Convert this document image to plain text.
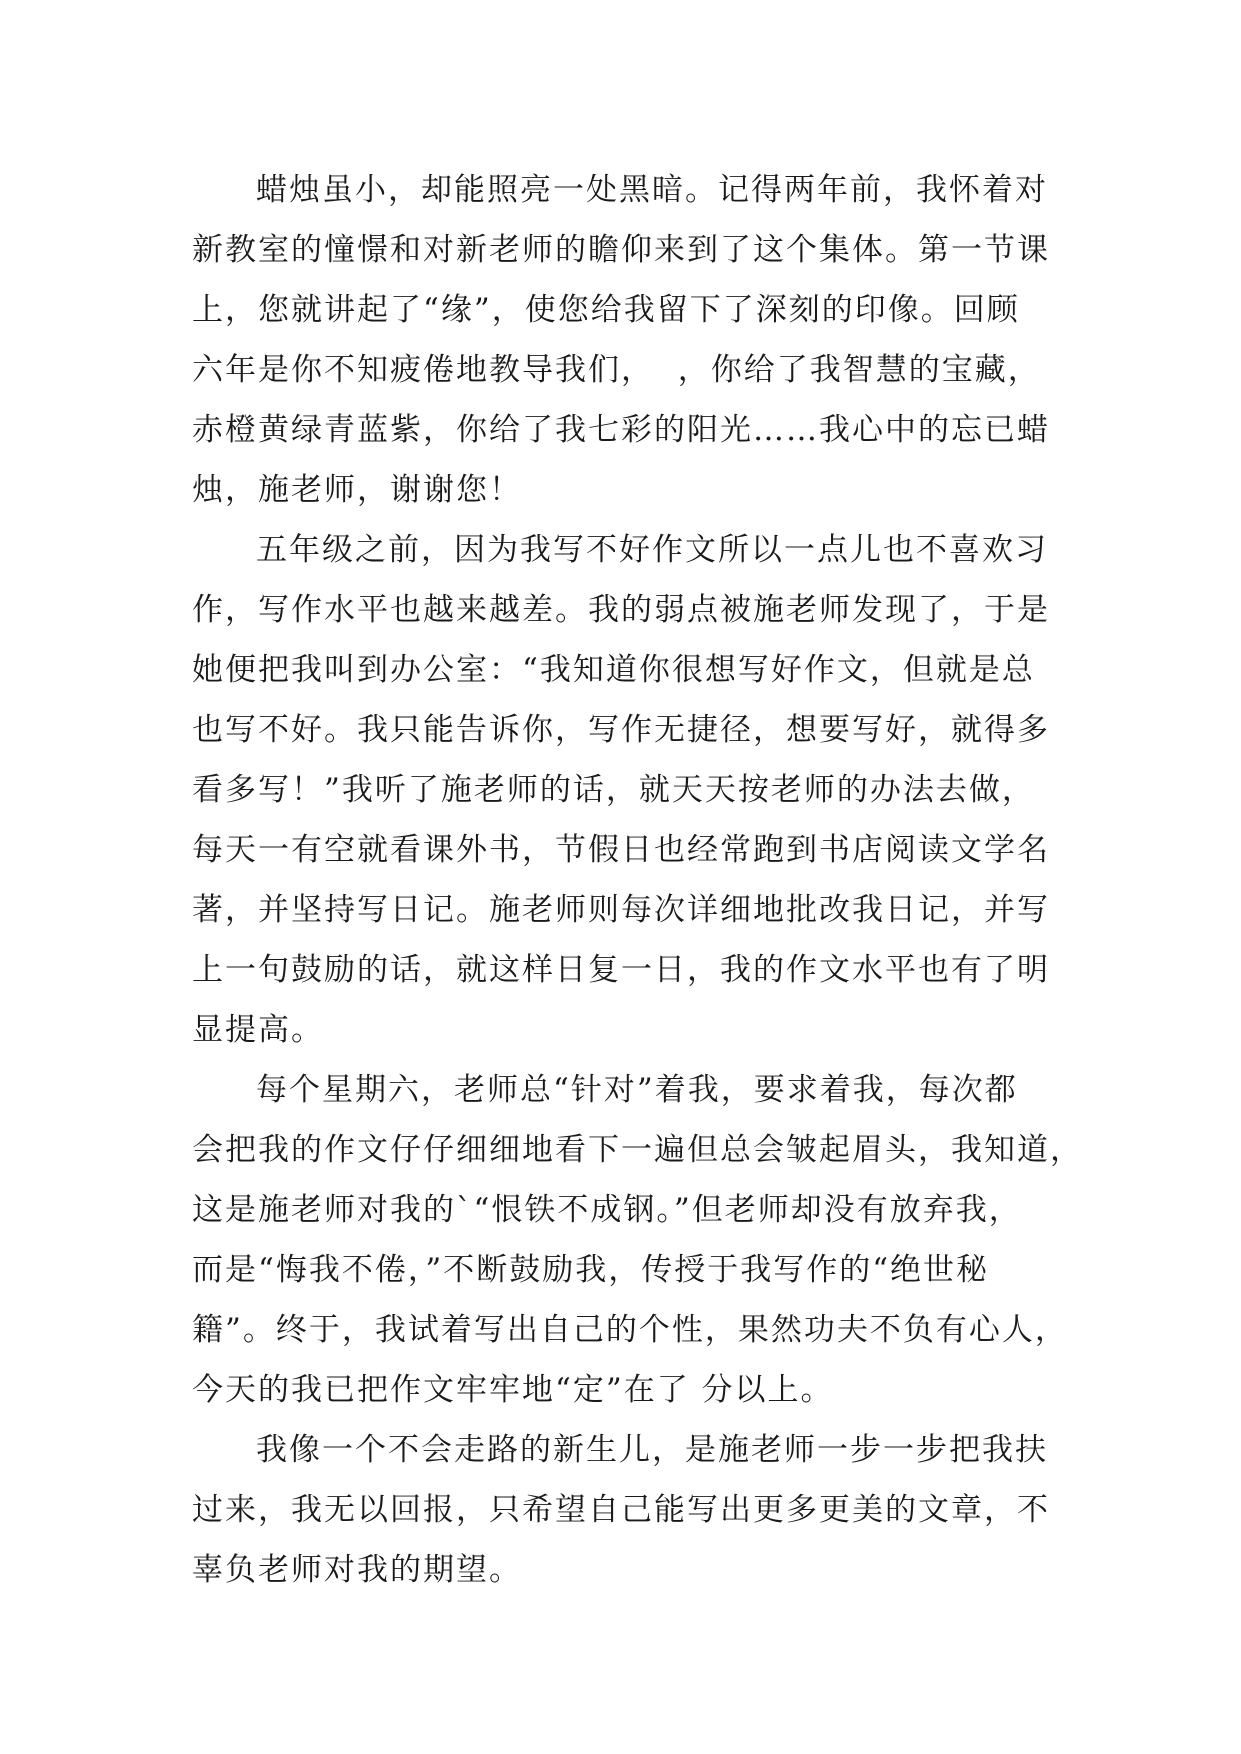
蜡烛虽小，却能照亮一处黑暗。记得两年前，我怀着对
新教室的憧憬和对新老师的瞻仰来到了这个集体。第一节课
上，您就讲起了“缘”，使您给我留下了深刻的印像。回顾
六年是你不知疲倦地教导我们，  ，你给了我智慧的宝藏，
赤橙黄绿青蓝紫，你给了我七彩的阳光……我心中的忘已蜡
烛，施老师，谢谢您！

五年级之前，因为我写不好作文所以一点儿也不喜欢习
作，写作水平也越来越差。我的弱点被施老师发现了，于是
她便把我叫到办公室：“我知道你很想写好作文，但就是总
也写不好。我只能告诉你，写作无捷径，想要写好，就得多
看多写！”我听了施老师的话，就天天按老师的办法去做，
每天一有空就看课外书，节假日也经常跑到书店阅读文学名
著，并坚持写日记。施老师则每次详细地批改我日记，并写
上一句鼓励的话，就这样日复一日，我的作文水平也有了明
显提高。

每个星期六，老师总“针对”着我，要求着我，每次都
会把我的作文仔仔细细地看下一遍但总会皱起眉头，我知道，
这是施老师对我的`“恨铁不成钢。”但老师却没有放弃我，
而是“悔我不倦，”不断鼓励我，传授于我写作的“绝世秘
籍”。终于，我试着写出自己的个性，果然功夫不负有心人，
今天的我已把作文牢牢地“定”在了 分以上。

我像一个不会走路的新生儿，是施老师一步一步把我扶
过来，我无以回报，只希望自己能写出更多更美的文章，不
辜负老师对我的期望。
